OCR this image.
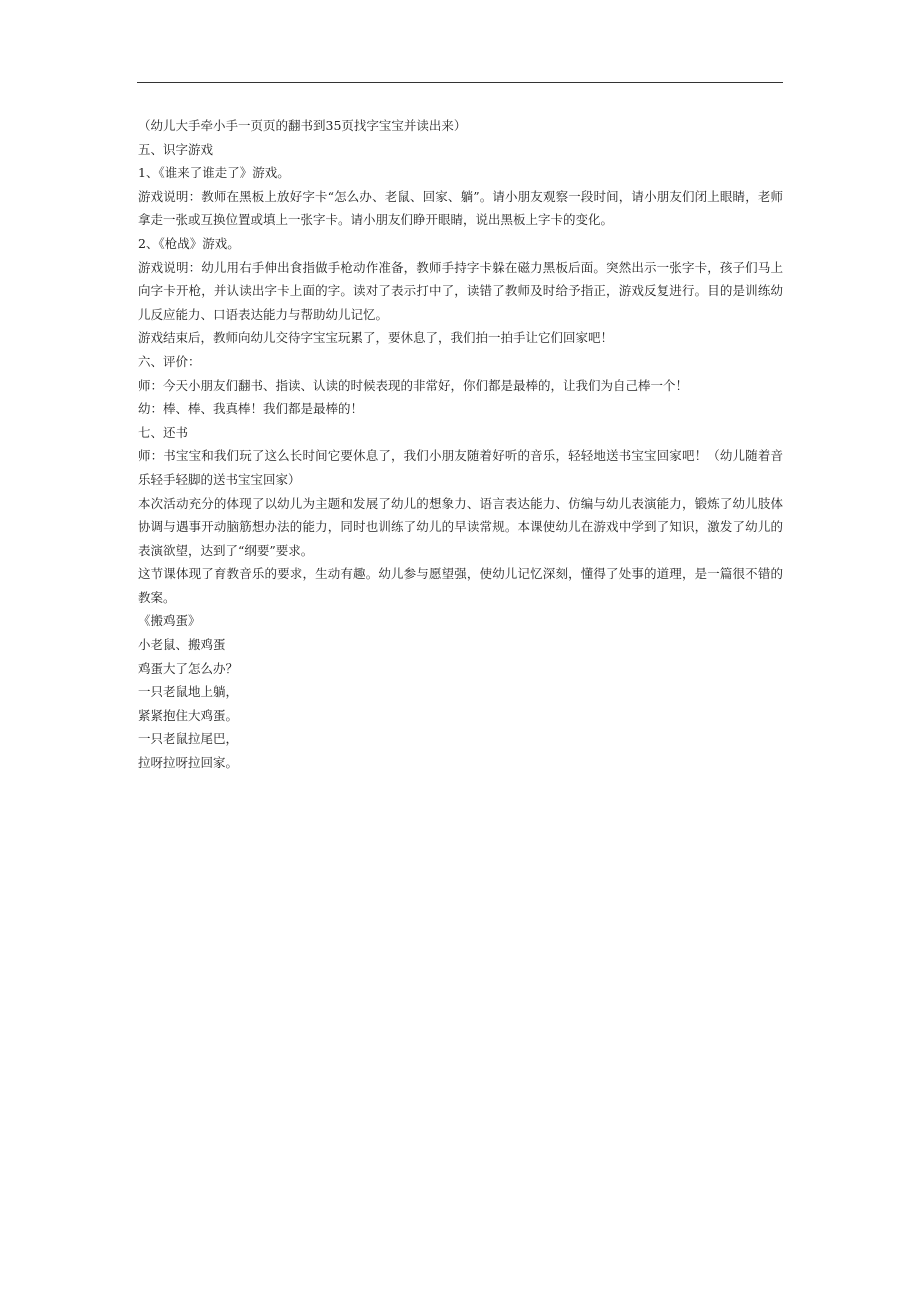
（幼儿大手牵小手一页页的翻书到35页找字宝宝并读出来）

五、识字游戏

1、《谁来了谁走了》游戏。

游戏说明：教师在黑板上放好字卡“怎么办、老鼠、回家、躺”。请小朋友观察一段时间，请小朋友们闭上眼睛，老师拿走一张或互换位置或填上一张字卡。请小朋友们睁开眼睛，说出黑板上字卡的变化。

2、《枪战》游戏。

游戏说明：幼儿用右手伸出食指做手枪动作准备，教师手持字卡躲在磁力黑板后面。突然出示一张字卡，孩子们马上向字卡开枪，并认读出字卡上面的字。读对了表示打中了，读错了教师及时给予指正，游戏反复进行。目的是训练幼儿反应能力、口语表达能力与帮助幼儿记忆。

游戏结束后，教师向幼儿交待字宝宝玩累了，要休息了，我们拍一拍手让它们回家吧！

六、评价：

师：今天小朋友们翻书、指读、认读的时候表现的非常好，你们都是最棒的，让我们为自己棒一个！

幼：棒、棒、我真棒！我们都是最棒的！

七、还书

师：书宝宝和我们玩了这么长时间它要休息了，我们小朋友随着好听的音乐，轻轻地送书宝宝回家吧！（幼儿随着音乐轻手轻脚的送书宝宝回家）

本次活动充分的体现了以幼儿为主题和发展了幼儿的想象力、语言表达能力、仿编与幼儿表演能力，锻炼了幼儿肢体协调与遇事开动脑筋想办法的能力，同时也训练了幼儿的早读常规。本课使幼儿在游戏中学到了知识，激发了幼儿的表演欲望，达到了“纲要”要求。

这节课体现了育教音乐的要求，生动有趣。幼儿参与愿望强，使幼儿记忆深刻，懂得了处事的道理，是一篇很不错的教案。

《搬鸡蛋》

小老鼠、搬鸡蛋

鸡蛋大了怎么办？

一只老鼠地上躺，

紧紧抱住大鸡蛋。

一只老鼠拉尾巴，

拉呀拉呀拉回家。
